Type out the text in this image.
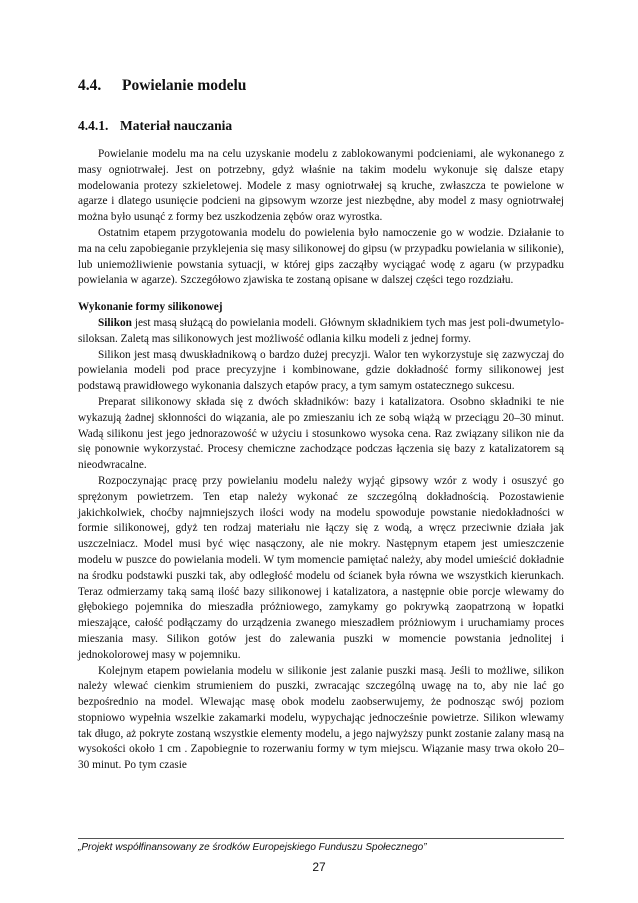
4.4. Powielanie modelu
4.4.1. Materiał nauczania

Powielanie modelu ma na celu uzyskanie modelu z zablokowanymi podcieniami, ale wykonanego z masy ogniotrwałej. Jest on potrzebny, gdyż właśnie na takim modelu wykonuje się dalsze etapy modelowania protezy szkieletowej. Modele z masy ogniotrwałej są kruche, zwłaszcza te powielone w agarze i dlatego usunięcie podcieni na gipsowym wzorze jest niezbędne, aby model z masy ogniotrwałej można było usunąć z formy bez uszkodzenia zębów oraz wyrostka.

Ostatnim etapem przygotowania modelu do powielenia było namoczenie go w wodzie. Działanie to ma na celu zapobieganie przyklejenia się masy silikonowej do gipsu (w przypadku powielania w silikonie), lub uniemożliwienie powstania sytuacji, w której gips zacząłby wyciągać wodę z agaru (w przypadku powielania w agarze). Szczegółowo zjawiska te zostaną opisane w dalszej części tego rozdziału.

Wykonanie formy silikonowej

Silikon jest masą służącą do powielania modeli. Głównym składnikiem tych mas jest poli-dwumetylo-siloksan. Zaletą mas silikonowych jest możliwość odlania kilku modeli z jednej formy.

Silikon jest masą dwuskładnikową o bardzo dużej precyzji. Walor ten wykorzystuje się zazwyczaj do powielania modeli pod prace precyzyjne i kombinowane, gdzie dokładność formy silikonowej jest podstawą prawidłowego wykonania dalszych etapów pracy, a tym samym ostatecznego sukcesu.

Preparat silikonowy składa się z dwóch składników: bazy i katalizatora. Osobno składniki te nie wykazują żadnej skłonności do wiązania, ale po zmieszaniu ich ze sobą wiążą w przeciągu 20–30 minut. Wadą silikonu jest jego jednorazowość w użyciu i stosunkowo wysoka cena. Raz związany silikon nie da się ponownie wykorzystać. Procesy chemiczne zachodzące podczas łączenia się bazy z katalizatorem są nieodwracalne.

Rozpoczynając pracę przy powielaniu modelu należy wyjąć gipsowy wzór z wody i osuszyć go sprężonym powietrzem. Ten etap należy wykonać ze szczególną dokładnością. Pozostawienie jakichkolwiek, choćby najmniejszych ilości wody na modelu spowoduje powstanie niedokładności w formie silikonowej, gdyż ten rodzaj materiału nie łączy się z wodą, a wręcz przeciwnie działa jak uszczelniacz. Model musi być więc nasączony, ale nie mokry. Następnym etapem jest umieszczenie modelu w puszce do powielania modeli. W tym momencie pamiętać należy, aby model umieścić dokładnie na środku podstawki puszki tak, aby odległość modelu od ścianek była równa we wszystkich kierunkach. Teraz odmierzamy taką samą ilość bazy silikonowej i katalizatora, a następnie obie porcje wlewamy do głębokiego pojemnika do mieszadła próżniowego, zamykamy go pokrywką zaopatrzoną w łopatki mieszające, całość podłączamy do urządzenia zwanego mieszadłem próżniowym i uruchamiamy proces mieszania masy. Silikon gotów jest do zalewania puszki w momencie powstania jednolitej i jednokolorowej masy w pojemniku.

Kolejnym etapem powielania modelu w silikonie jest zalanie puszki masą. Jeśli to możliwe, silikon należy wlewać cienkim strumieniem do puszki, zwracając szczególną uwagę na to, aby nie lać go bezpośrednio na model. Wlewając masę obok modelu zaobserwujemy, że podnosząc swój poziom stopniowo wypełnia wszelkie zakamarki modelu, wypychając jednocześnie powietrze. Silikon wlewamy tak długo, aż pokryte zostaną wszystkie elementy modelu, a jego najwyższy punkt zostanie zalany masą na wysokości około 1 cm . Zapobiegnie to rozerwaniu formy w tym miejscu. Wiązanie masy trwa około 20–30 minut. Po tym czasie

„Projekt współfinansowany ze środków Europejskiego Funduszu Społecznego”
27
